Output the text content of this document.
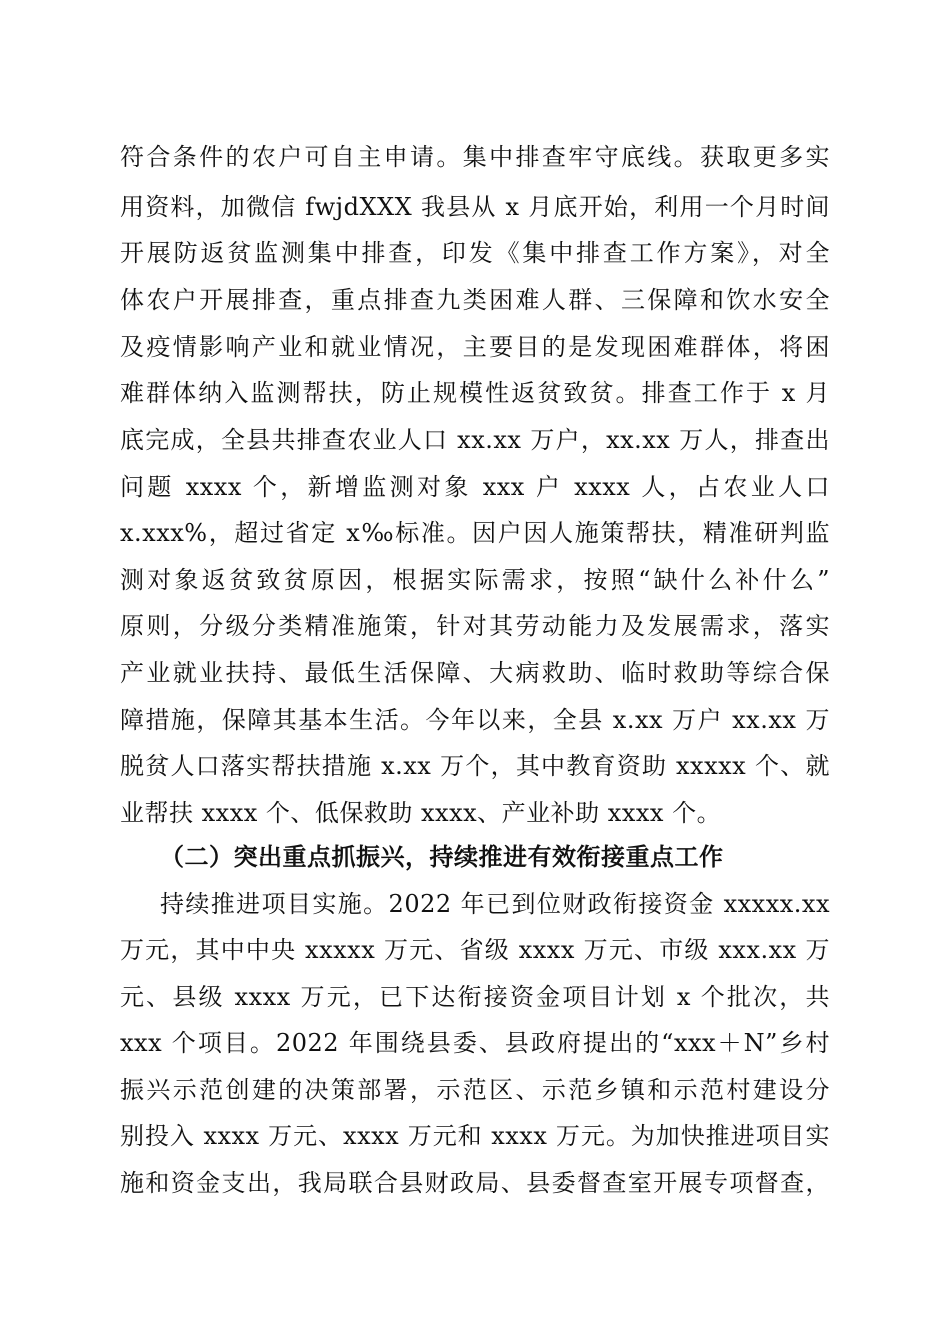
符合条件的农户可自主申请。集中排查牢守底线。获取更多实
用资料，加微信 fwjdXXX 我县从 x 月底开始，利用一个月时间
开展防返贫监测集中排查，印发《集中排查工作方案》，对全
体农户开展排查，重点排查九类困难人群、三保障和饮水安全
及疫情影响产业和就业情况，主要目的是发现困难群体，将困
难群体纳入监测帮扶，防止规模性返贫致贫。排查工作于 x 月
底完成，全县共排查农业人口 xx.xx 万户，xx.xx 万人，排查出
问题 xxxx 个，新增监测对象 xxx 户 xxxx 人，占农业人口
x.xxx%，超过省定 x‰标准。因户因人施策帮扶，精准研判监
测对象返贫致贫原因，根据实际需求，按照“缺什么补什么”
原则，分级分类精准施策，针对其劳动能力及发展需求，落实
产业就业扶持、最低生活保障、大病救助、临时救助等综合保
障措施，保障其基本生活。今年以来，全县 x.xx 万户 xx.xx 万
脱贫人口落实帮扶措施 x.xx 万个，其中教育资助 xxxxx 个、就
业帮扶 xxxx 个、低保救助 xxxx、产业补助 xxxx 个。
（二）突出重点抓振兴，持续推进有效衔接重点工作
持续推进项目实施。2022 年已到位财政衔接资金 xxxxx.xx
万元，其中中央 xxxxx 万元、省级 xxxx 万元、市级 xxx.xx 万
元、县级 xxxx 万元，已下达衔接资金项目计划 x 个批次，共
xxx 个项目。2022 年围绕县委、县政府提出的“xxx＋N”乡村
振兴示范创建的决策部署，示范区、示范乡镇和示范村建设分
别投入 xxxx 万元、xxxx 万元和 xxxx 万元。为加快推进项目实
施和资金支出，我局联合县财政局、县委督查室开展专项督查，
